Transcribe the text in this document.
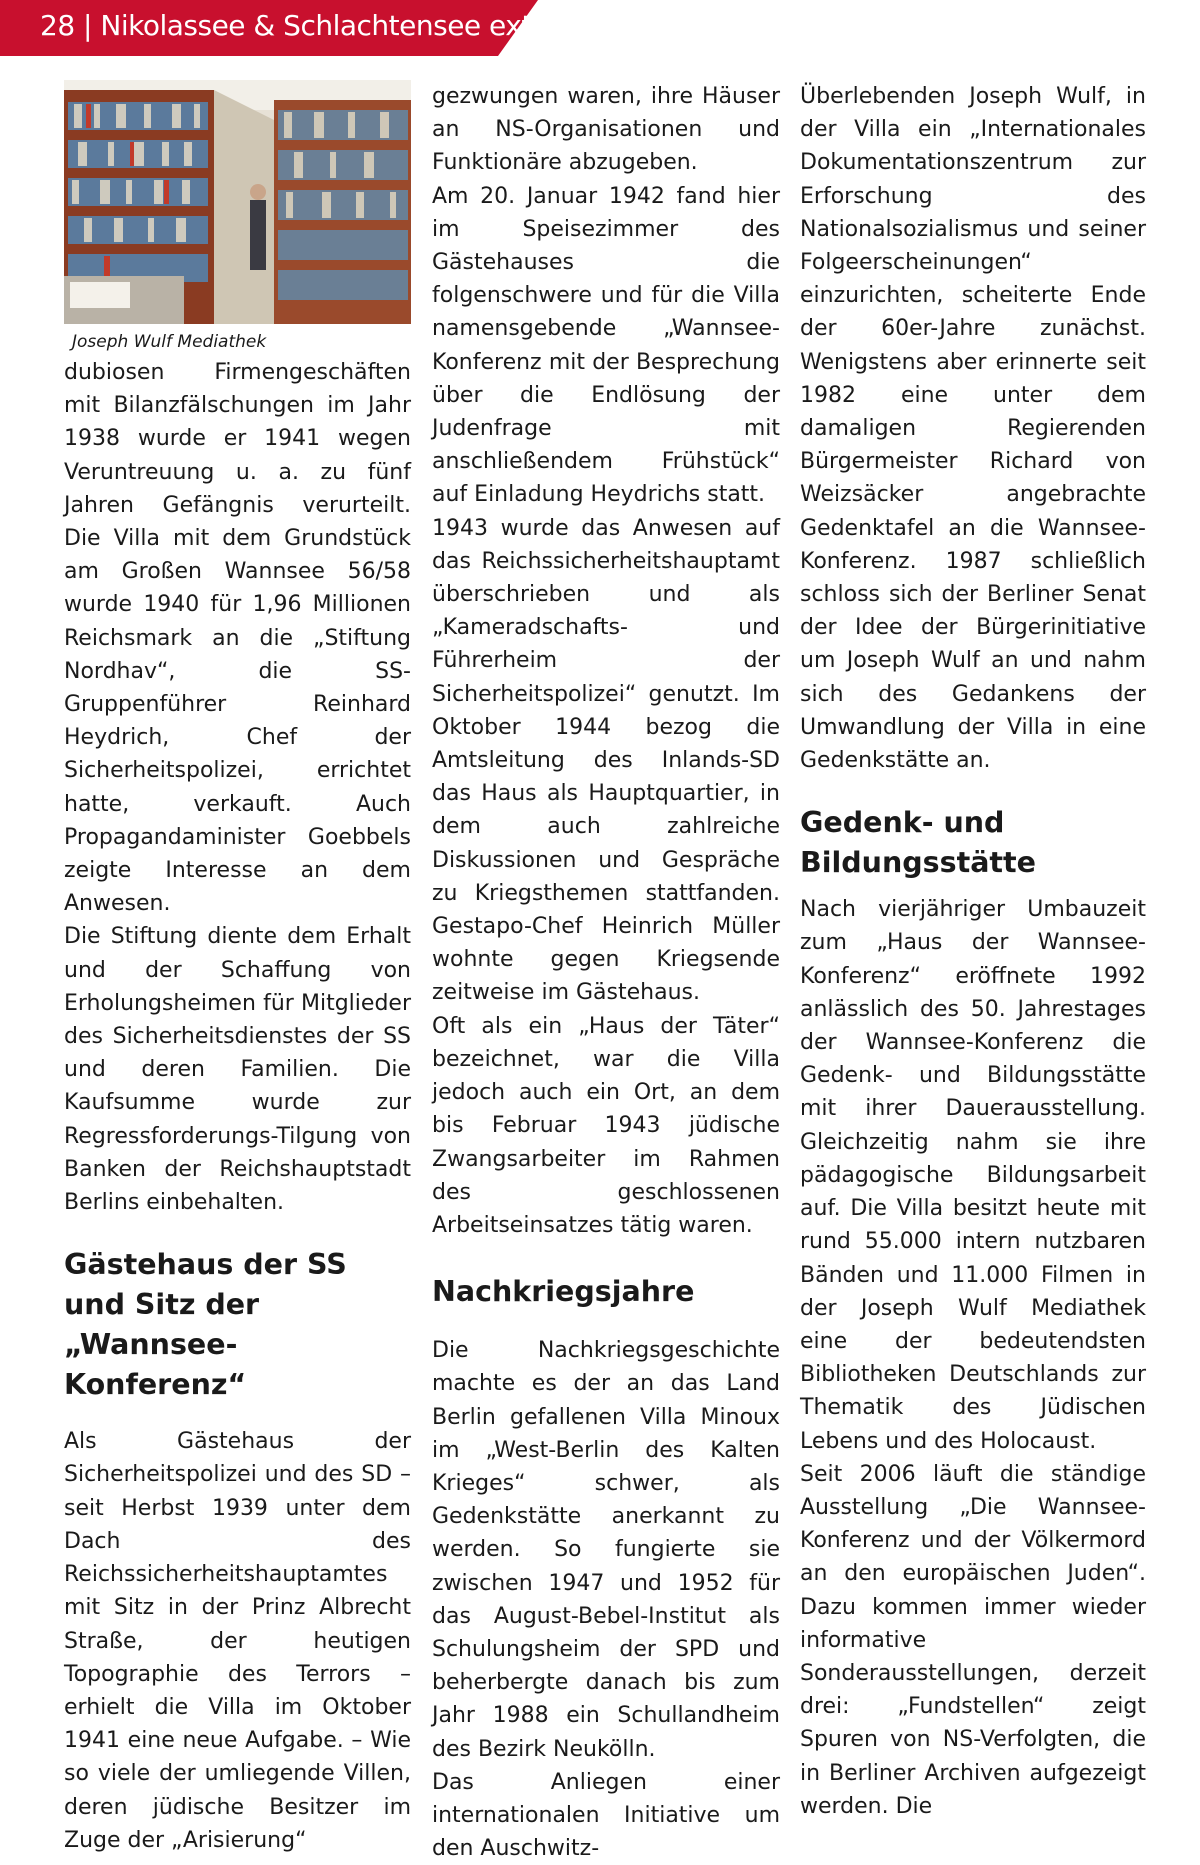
28 | Nikolassee & Schlachtensee extra
Joseph Wulf Mediathek

dubiosen Firmengeschäften mit Bilanzfälschungen im Jahr 1938 wurde er 1941 wegen Veruntreuung u. a. zu fünf Jahren Gefängnis verurteilt. Die Villa mit dem Grundstück am Großen Wannsee 56/58 wurde 1940 für 1,96 Millionen Reichsmark an die „Stiftung Nordhav“, die SS-Gruppenführer Reinhard Heydrich, Chef der Sicherheitspolizei, errichtet hatte, verkauft. Auch Propagandaminister Goebbels zeigte Interesse an dem Anwesen.

Die Stiftung diente dem Erhalt und der Schaffung von Erholungsheimen für Mitglieder des Sicherheitsdienstes der SS und deren Familien. Die Kaufsumme wurde zur Regressforderungs-Tilgung von Banken der Reichshauptstadt Berlins einbehalten.

Gästehaus der SS und Sitz der „Wannsee-Konferenz“

Als Gästehaus der Sicherheitspolizei und des SD – seit Herbst 1939 unter dem Dach des Reichssicherheitshauptamtes mit Sitz in der Prinz Albrecht Straße, der heutigen Topographie des Terrors – erhielt die Villa im Oktober 1941 eine neue Aufgabe. – Wie so viele der umliegende Villen, deren jüdische Besitzer im Zuge der „Arisierung“

gezwungen waren, ihre Häuser an NS-Organisationen und Funktionäre abzugeben.

Am 20. Januar 1942 fand hier im Speisezimmer des Gästehauses die folgenschwere und für die Villa namensgebende „Wannsee-Konferenz mit der Besprechung über die Endlösung der Judenfrage mit anschließendem Frühstück“ auf Einladung Heydrichs statt.

1943 wurde das Anwesen auf das Reichssicherheitshauptamt überschrieben und als „Kameradschafts- und Führerheim der Sicherheitspolizei“ genutzt. Im Oktober 1944 bezog die Amtsleitung des Inlands-SD das Haus als Hauptquartier, in dem auch zahlreiche Diskussionen und Gespräche zu Kriegsthemen stattfanden. Gestapo-Chef Heinrich Müller wohnte gegen Kriegsende zeitweise im Gästehaus.

Oft als ein „Haus der Täter“ bezeichnet, war die Villa jedoch auch ein Ort, an dem bis Februar 1943 jüdische Zwangsarbeiter im Rahmen des geschlossenen Arbeitseinsatzes tätig waren.

Nachkriegsjahre

Die Nachkriegsgeschichte machte es der an das Land Berlin gefallenen Villa Minoux im „West-Berlin des Kalten Krieges“ schwer, als Gedenkstätte anerkannt zu werden. So fungierte sie zwischen 1947 und 1952 für das August-Bebel-Institut als Schulungsheim der SPD und beherbergte danach bis zum Jahr 1988 ein Schullandheim des Bezirk Neukölln.

Das Anliegen einer internationalen Initiative um den Auschwitz-

Überlebenden Joseph Wulf, in der Villa ein „Internationales Dokumentationszentrum zur Erforschung des Nationalsozialismus und seiner Folgeerscheinungen“ einzurichten, scheiterte Ende der 60er-Jahre zunächst. Wenigstens aber erinnerte seit 1982 eine unter dem damaligen Regierenden Bürgermeister Richard von Weizsäcker angebrachte Gedenktafel an die Wannsee-Konferenz. 1987 schließlich schloss sich der Berliner Senat der Idee der Bürgerinitiative um Joseph Wulf an und nahm sich des Gedankens der Umwandlung der Villa in eine Gedenkstätte an.

Gedenk- und Bildungsstätte

Nach vierjähriger Umbauzeit zum „Haus der Wannsee-Konferenz“ eröffnete 1992 anlässlich des 50. Jahrestages der Wannsee-Konferenz die Gedenk- und Bildungsstätte mit ihrer Dauerausstellung. Gleichzeitig nahm sie ihre pädagogische Bildungsarbeit auf. Die Villa besitzt heute mit rund 55.000 intern nutzbaren Bänden und 11.000 Filmen in der Joseph Wulf Mediathek eine der bedeutendsten Bibliotheken Deutschlands zur Thematik des Jüdischen Lebens und des Holocaust.

Seit 2006 läuft die ständige Ausstellung „Die Wannsee-Konferenz und der Völkermord an den europäischen Juden“. Dazu kommen immer wieder informative Sonderausstellungen, derzeit drei: „Fundstellen“ zeigt Spuren von NS-Verfolgten, die in Berliner Archiven aufgezeigt werden. Die
